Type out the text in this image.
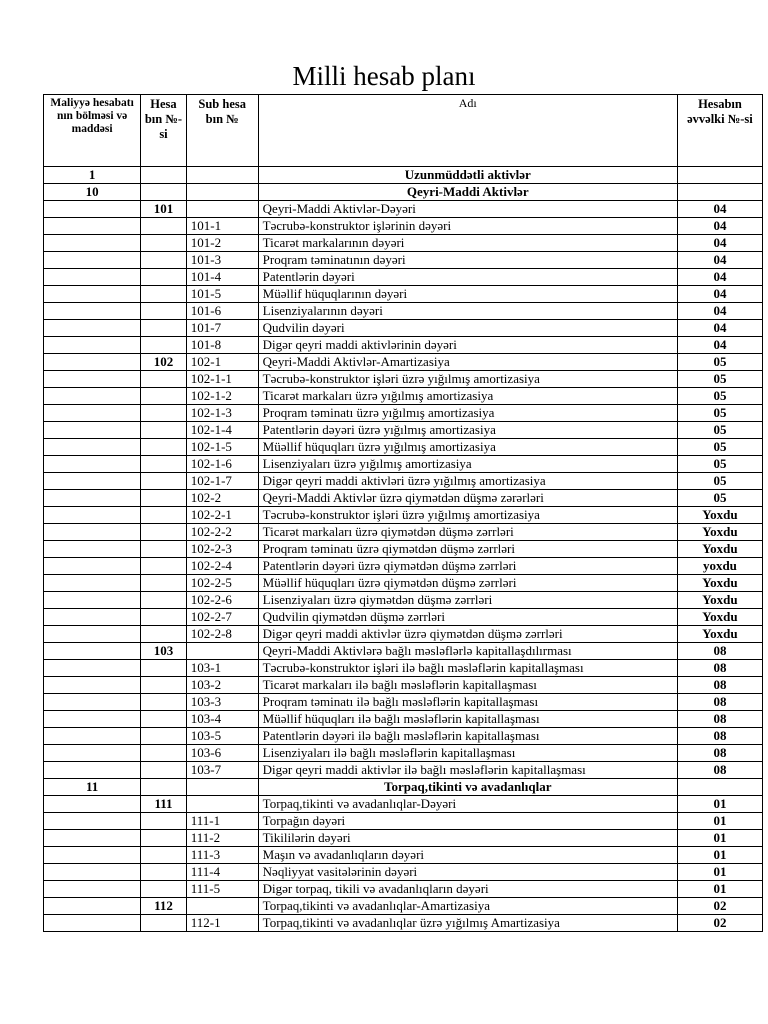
Milli hesab planı
Maliyyə hesabatı nın bölməsi və maddəsi	Hesa bın №-si	Sub hesa bın №	Adı	Hesabın əvvəlki №-si
1			Uzunmüddətli aktivlər	
10			Qeyri-Maddi Aktivlər	
	101		Qeyri-Maddi Aktivlər-Dəyəri	04
		101-1	Təcrubə-konstruktor işlərinin dəyəri	04
		101-2	Ticarət markalarının dəyəri	04
		101-3	Proqram təminatının dəyəri	04
		101-4	Patentlərin dəyəri	04
		101-5	Müəllif hüquqlarının dəyəri	04
		101-6	Lisenziyalarının dəyəri	04
		101-7	Qudvilin dəyəri	04
		101-8	Digər qeyri maddi aktivlərinin dəyəri	04
	102	102-1	Qeyri-Maddi Aktivlər-Amartizasiya	05
		102-1-1	Təcrubə-konstruktor işləri üzrə yığılmış amortizasiya	05
		102-1-2	Ticarət markaları üzrə yığılmış amortizasiya	05
		102-1-3	Proqram təminatı üzrə yığılmış amortizasiya	05
		102-1-4	Patentlərin dəyəri üzrə yığılmış amortizasiya	05
		102-1-5	Müəllif hüquqları üzrə yığılmış amortizasiya	05
		102-1-6	Lisenziyaları üzrə yığılmış amortizasiya	05
		102-1-7	Digər qeyri maddi aktivləri üzrə yığılmış amortizasiya	05
		102-2	Qeyri-Maddi Aktivlər üzrə qiymətdən düşmə zərərləri	05
		102-2-1	Təcrubə-konstruktor işləri üzrə yığılmış amortizasiya	Yoxdu
		102-2-2	Ticarət markaları üzrə qiymətdən düşmə zərrləri	Yoxdu
		102-2-3	Proqram təminatı üzrə qiymətdən düşmə zərrləri	Yoxdu
		102-2-4	Patentlərin dəyəri üzrə qiymətdən düşmə zərrləri	yoxdu
		102-2-5	Müəllif hüquqları üzrə qiymətdən düşmə zərrləri	Yoxdu
		102-2-6	Lisenziyaları üzrə qiymətdən düşmə zərrləri	Yoxdu
		102-2-7	Qudvilin qiymətdən düşmə zərrləri	Yoxdu
		102-2-8	Digər qeyri maddi aktivlər üzrə qiymətdən düşmə zərrləri	Yoxdu
	103		Qeyri-Maddi Aktivlərə bağlı məsləflərlə kapitallaşdılırması	08
		103-1	Təcrubə-konstruktor işləri ilə bağlı məsləflərin kapitallaşması	08
		103-2	Ticarət markaları ilə bağlı məsləflərin kapitallaşması	08
		103-3	Proqram təminatı ilə bağlı məsləflərin kapitallaşması	08
		103-4	Müəllif hüquqları ilə bağlı məsləflərin kapitallaşması	08
		103-5	Patentlərin dəyəri ilə bağlı məsləflərin kapitallaşması	08
		103-6	Lisenziyaları ilə bağlı məsləflərin kapitallaşması	08
		103-7	Digər qeyri maddi aktivlər ilə bağlı məsləflərin kapitallaşması	08
11			Torpaq,tikinti və avadanlıqlar	
	111		Torpaq,tikinti və avadanlıqlar-Dəyəri	01
		111-1	Torpağın dəyəri	01
		111-2	Tikililərin dəyəri	01
		111-3	Maşın və avadanlıqların dəyəri	01
		111-4	Nəqliyyat vasitələrinin dəyəri	01
		111-5	Digər torpaq, tikili və avadanlıqların dəyəri	01
	112		Torpaq,tikinti və avadanlıqlar-Amartizasiya	02
		112-1	Torpaq,tikinti və avadanlıqlar üzrə yığılmış Amartizasiya	02
